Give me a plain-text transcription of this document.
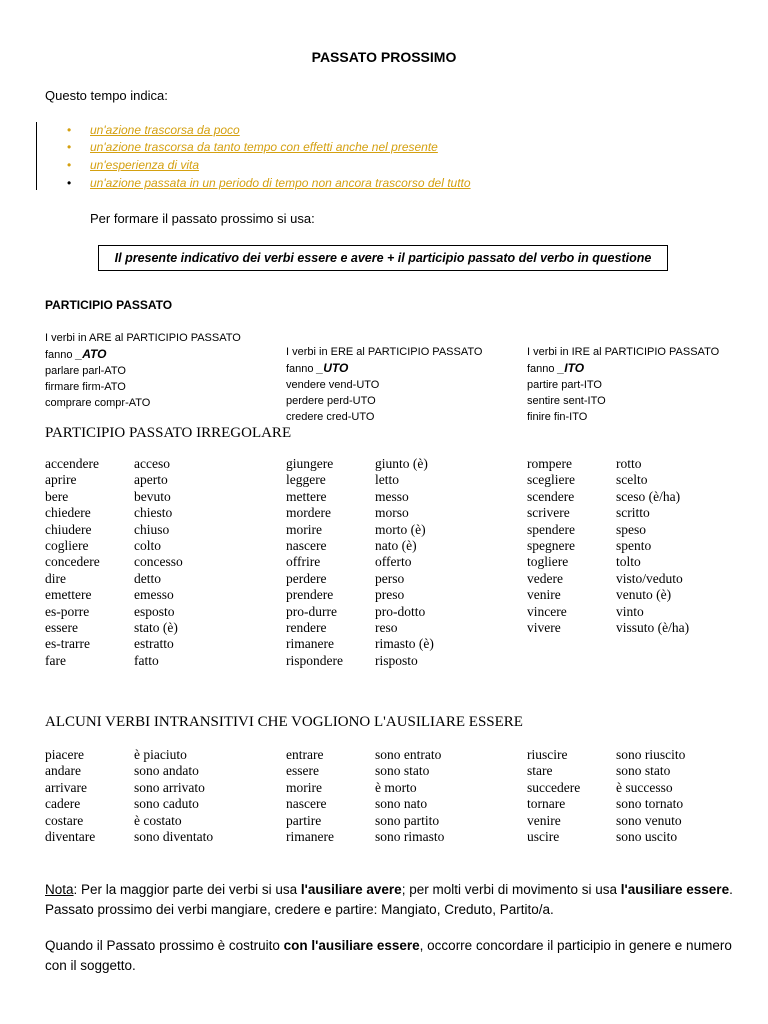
PASSATO PROSSIMO
Questo tempo indica:
• un'azione trascorsa da poco
• un'azione trascorsa da tanto tempo con effetti anche nel presente
• un'esperienza di vita
• un'azione passata in un periodo di tempo non ancora trascorso del tutto
Per formare il passato prossimo si usa:
Il presente indicativo dei verbi essere e avere + il participio passato del verbo in questione
PARTICIPIO PASSATO
I verbi in ARE al PARTICIPIO PASSATO
fanno _ATO
parlare parl-ATO
firmare firm-ATO
comprare compr-ATO
I verbi in ERE al PARTICIPIO PASSATO
fanno _UTO
vendere vend-UTO
perdere perd-UTO
credere cred-UTO
I verbi in IRE al PARTICIPIO PASSATO
fanno _ITO
partire part-ITO
sentire sent-ITO
finire fin-ITO
PARTICIPIO PASSATO IRREGOLARE
accendere	acceso
aprire	aperto
bere	bevuto
chiedere	chiesto
chiudere	chiuso
cogliere	colto
concedere	concesso
dire	detto
emettere	emesso
es-porre	esposto
essere	stato (è)
es-trarre	estratto
fare	fatto
giungere	giunto (è)
leggere	letto
mettere	messo
mordere	morso
morire	morto (è)
nascere	nato (è)
offrire	offerto
perdere	perso
prendere	preso
pro-durre	pro-dotto
rendere	reso
rimanere	rimasto (è)
rispondere risposto
rompere	rotto
scegliere	scelto
scendere	sceso (è/ha)
scrivere	scritto
spendere	speso
spegnere	spento
togliere	tolto
vedere	visto/veduto
venire	venuto (è)
vincere	vinto
vivere	vissuto (è/ha)
ALCUNI VERBI INTRANSITIVI CHE VOGLIONO L'AUSILIARE ESSERE
piacere	è piaciuto
andare	sono andato
arrivare	sono arrivato
cadere	sono caduto
costare	è costato
diventare	sono diventato
entrare	sono entrato
essere	sono stato
morire	è morto
nascere	sono nato
partire	sono partito
rimanere	sono rimasto
riuscire	sono riuscito
stare	sono stato
succedere	è successo
tornare	sono tornato
venire	sono venuto
uscire	sono uscito
Nota: Per la maggior parte dei verbi si usa l'ausiliare avere; per molti verbi di movimento si usa l'ausiliare essere. Passato prossimo dei verbi mangiare, credere e partire: Mangiato, Creduto, Partito/a.
Quando il Passato prossimo è costruito con l'ausiliare essere, occorre concordare il participio in genere e numero con il soggetto.
